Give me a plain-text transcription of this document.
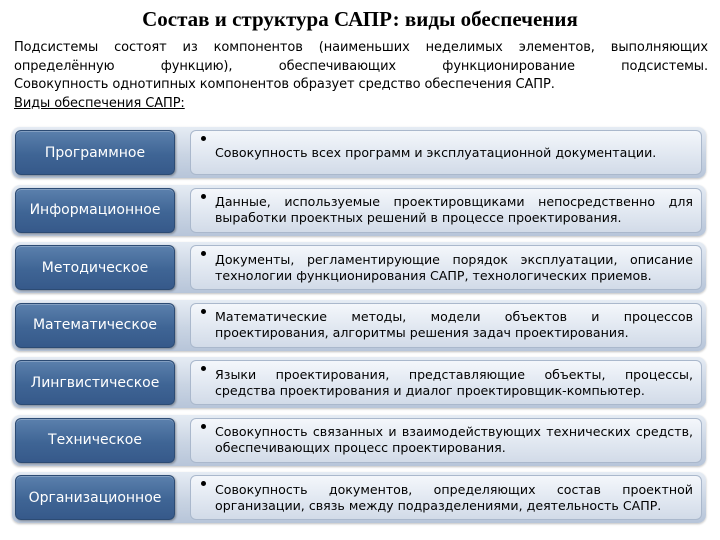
Состав и структура САПР: виды обеспечения
Подсистемы состоят из компонентов (наименьших неделимых элементов, выполняющих определённую функцию), обеспечивающих функционирование подсистемы.
Совокупность однотипных компонентов образует средство обеспечения САПР.
Виды обеспечения САПР:
Программное	Совокупность всех программ и эксплуатационной документации.
Информационное
Данные, используемые проектировщиками непосредственно для выработки проектных решений в процессе проектирования.
Методическое
Документы, регламентирующие порядок эксплуатации, описание технологии функционирования САПР, технологических приемов.
Математическое
Математические методы, модели объектов и процессов проектирования, алгоритмы решения задач проектирования.
Лингвистическое
Языки проектирования, представляющие объекты, процессы, средства проектирования и диалог проектировщик-компьютер.
Техническое
Совокупность связанных и взаимодействующих технических средств, обеспечивающих процесс проектирования.
Организационное
Совокупность документов, определяющих состав проектной организации, связь между подразделениями, деятельность САПР.
